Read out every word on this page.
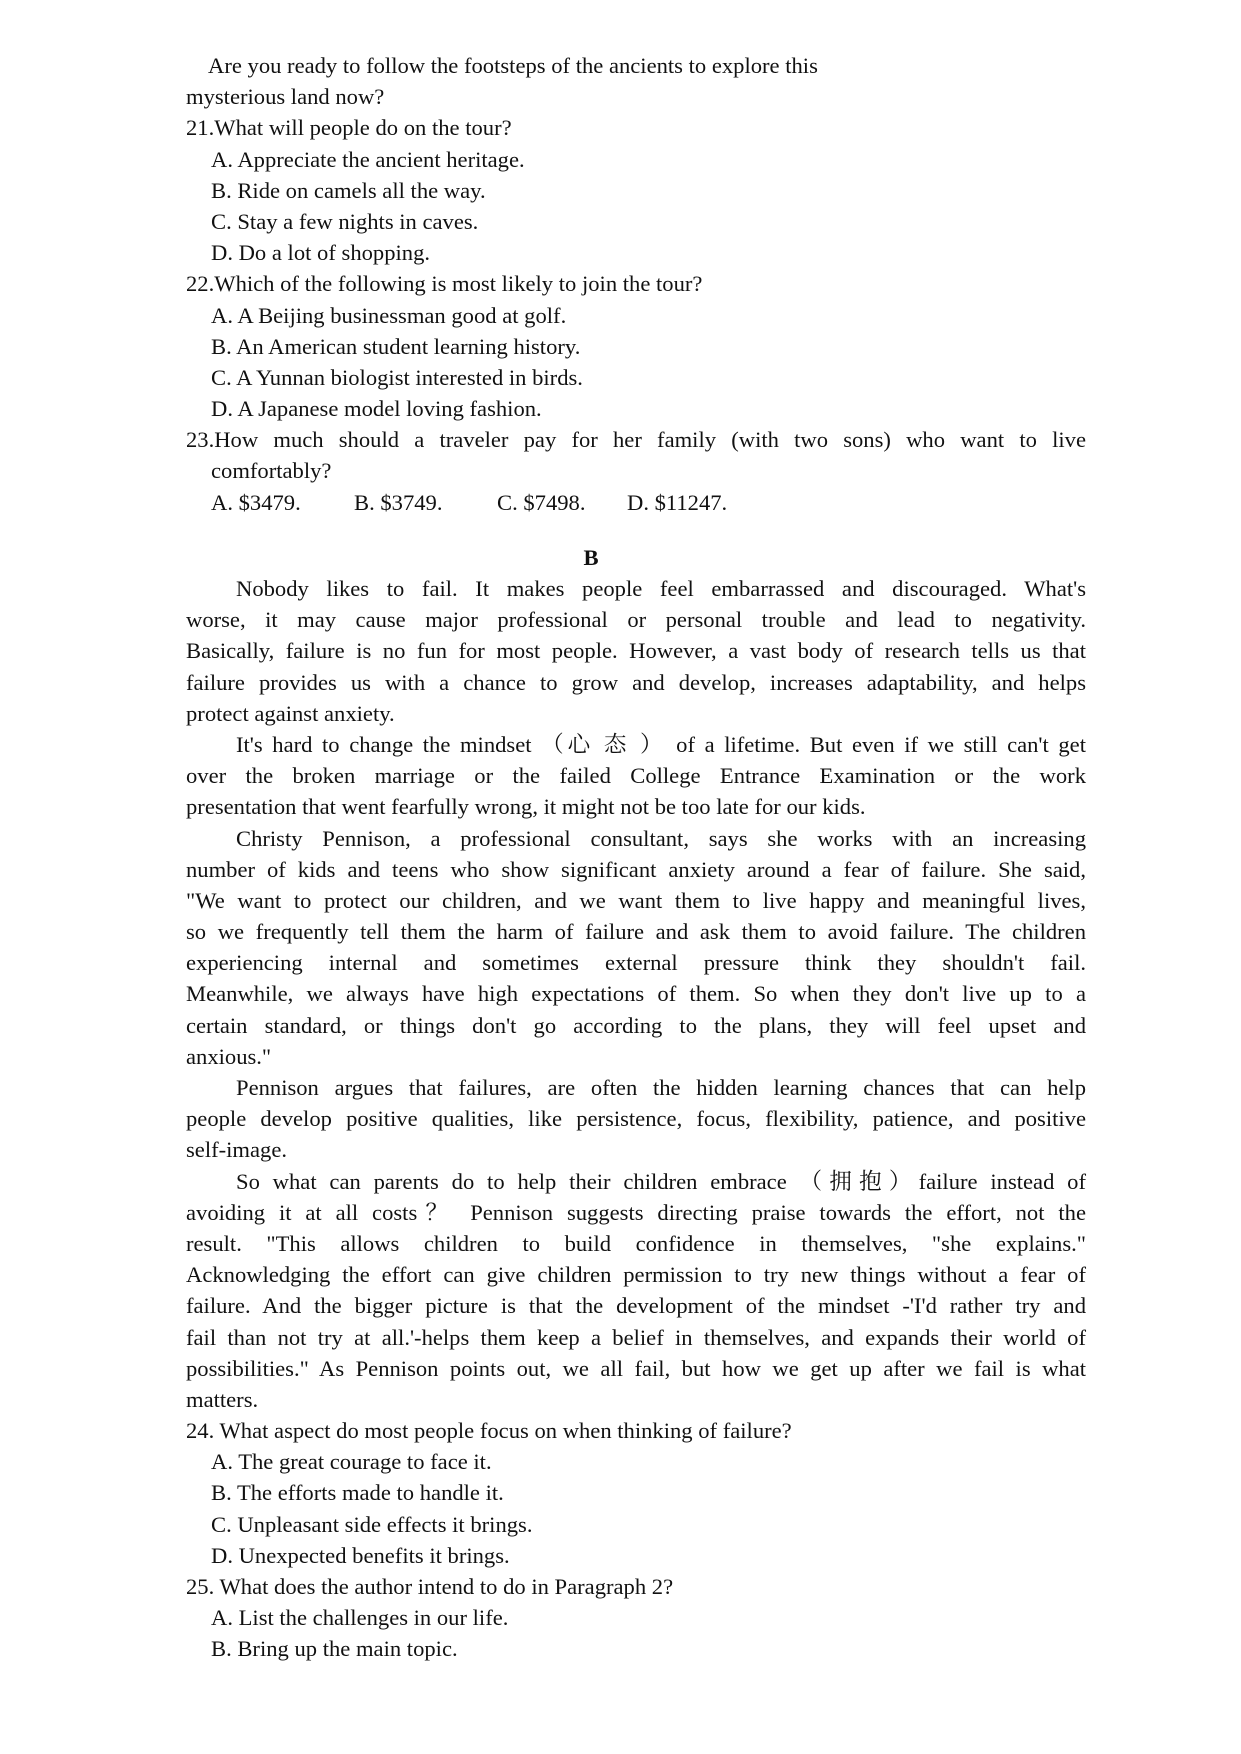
Are you ready to follow the footsteps of the ancients to explore this
mysterious land now?
21.What will people do on the tour?
A. Appreciate the ancient heritage.
B. Ride on camels all the way.
C. Stay a few nights in caves.
D. Do a lot of shopping.
22.Which of the following is most likely to join the tour?
A. A Beijing businessman good at golf.
B. An American student learning history.
C. A Yunnan biologist interested in birds.
D. A Japanese model loving fashion.
23.How much should a traveler pay for her family (with two sons) who want to live
comfortably?
A. $3479.	B. $3749.	C. $7498.	D. $11247.
B
Nobody likes to fail. It makes people feel embarrassed and discouraged. What's
worse, it may cause major professional or personal trouble and lead to negativity.
Basically, failure is no fun for most people. However, a vast body of research tells us that
failure provides us with a chance to grow and develop, increases adaptability, and helps
protect against anxiety.
It's hard to change the mindset （心 态 ） of a lifetime. But even if we still can't get
over the broken marriage or the failed College Entrance Examination or the work
presentation that went fearfully wrong, it might not be too late for our kids.
Christy Pennison, a professional consultant, says she works with an increasing
number of kids and teens who show significant anxiety around a fear of failure. She said,
"We want to protect our children, and we want them to live happy and meaningful lives,
so we frequently tell them the harm of failure and ask them to avoid failure. The children
experiencing internal and sometimes external pressure think they shouldn't fail.
Meanwhile, we always have high expectations of them. So when they don't live up to a
certain standard, or things don't go according to the plans, they will feel upset and
anxious."
Pennison argues that failures, are often the hidden learning chances that can help
people develop positive qualities, like persistence, focus, flexibility, patience, and positive
self-image.
So what can parents do to help their children embrace （拥抱）failure instead of
avoiding it at all costs？ Pennison suggests directing praise towards the effort, not the
result. "This allows children to build confidence in themselves, "she explains."
Acknowledging the effort can give children permission to try new things without a fear of
failure. And the bigger picture is that the development of the mindset -'I'd rather try and
fail than not try at all.'-helps them keep a belief in themselves, and expands their world of
possibilities." As Pennison points out, we all fail, but how we get up after we fail is what
matters.
24. What aspect do most people focus on when thinking of failure?
A. The great courage to face it.
B. The efforts made to handle it.
C. Unpleasant side effects it brings.
D. Unexpected benefits it brings.
25. What does the author intend to do in Paragraph 2?
A. List the challenges in our life.
B. Bring up the main topic.
